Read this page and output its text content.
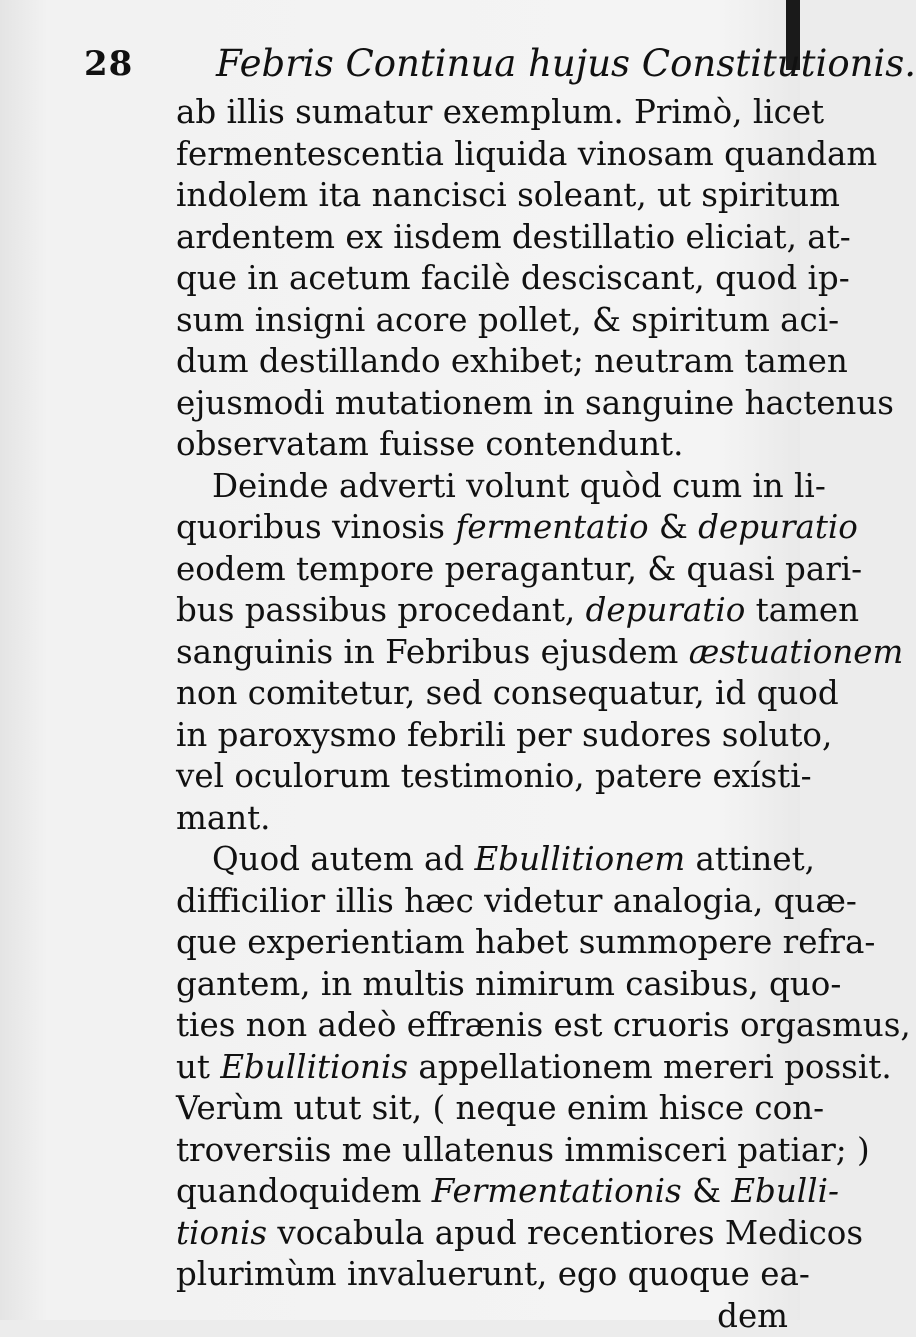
28 Febris Continua hujus Constitutionis.
ab illis sumatur exemplum. Primò, licet
fermentescentia liquida vinosam quandam
indolem ita nancisci soleant, ut spiritum
ardentem ex iisdem destillatio eliciat, at-
que in acetum facilè desciscant, quod ip-
sum insigni acore pollet, & spiritum aci-
dum destillando exhibet; neutram tamen
ejusmodi mutationem in sanguine hactenus
observatam fuisse contendunt.
Deinde adverti volunt quòd cum in li-
quoribus vinosis fermentatio & depuratio
eodem tempore peragantur, & quasi pari-
bus passibus procedant, depuratio tamen
sanguinis in Febribus ejusdem æstuationem
non comitetur, sed consequatur, id quod
in paroxysmo febrili per sudores soluto,
vel oculorum testimonio, patere exísti-
mant.
Quod autem ad Ebullitionem attinet,
difficilior illis hæc videtur analogia, quæ-
que experientiam habet summopere refra-
gantem, in multis nimirum casibus, quo-
ties non adeò effrænis est cruoris orgasmus,
ut Ebullitionis appellationem mereri possit.
Verùm utut sit, ( neque enim hisce con-
troversiis me ullatenus immisceri patiar; )
quandoquidem Fermentationis & Ebulli-
tionis vocabula apud recentiores Medicos
plurimùm invaluerunt, ego quoque ea-
dem
